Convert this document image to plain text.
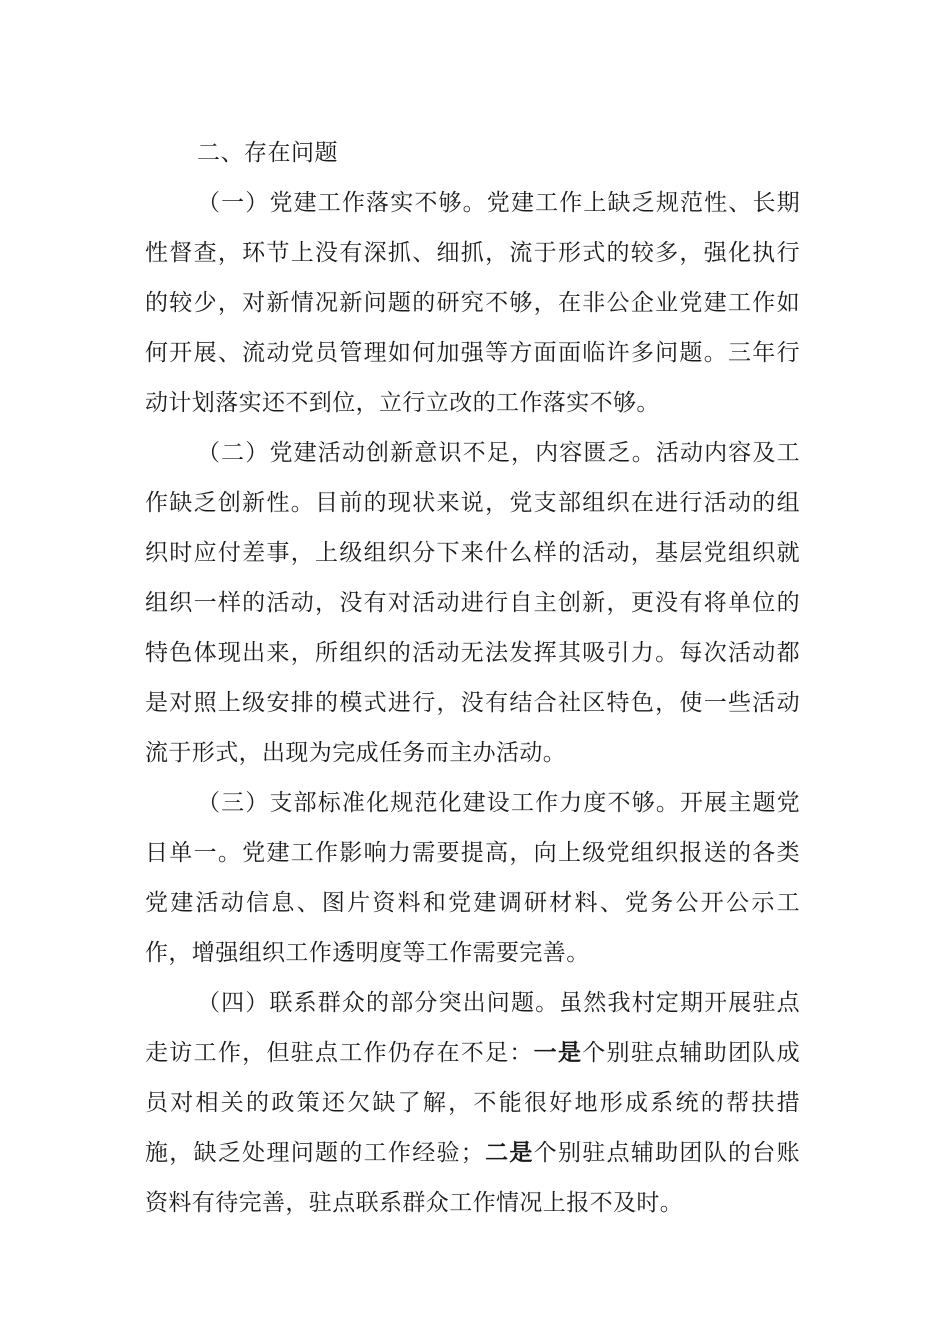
二、存在问题

（一）党建工作落实不够。党建工作上缺乏规范性、长期性督查，环节上没有深抓、细抓，流于形式的较多，强化执行的较少，对新情况新问题的研究不够，在非公企业党建工作如何开展、流动党员管理如何加强等方面面临许多问题。三年行动计划落实还不到位，立行立改的工作落实不够。

（二）党建活动创新意识不足，内容匮乏。活动内容及工作缺乏创新性。目前的现状来说，党支部组织在进行活动的组织时应付差事，上级组织分下来什么样的活动，基层党组织就组织一样的活动，没有对活动进行自主创新，更没有将单位的特色体现出来，所组织的活动无法发挥其吸引力。每次活动都是对照上级安排的模式进行，没有结合社区特色，使一些活动流于形式，出现为完成任务而主办活动。

（三）支部标准化规范化建设工作力度不够。开展主题党日单一。党建工作影响力需要提高，向上级党组织报送的各类党建活动信息、图片资料和党建调研材料、党务公开公示工作，增强组织工作透明度等工作需要完善。

（四）联系群众的部分突出问题。虽然我村定期开展驻点走访工作，但驻点工作仍存在不足：一是个别驻点辅助团队成员对相关的政策还欠缺了解，不能很好地形成系统的帮扶措施，缺乏处理问题的工作经验；二是个别驻点辅助团队的台账资料有待完善，驻点联系群众工作情况上报不及时。
